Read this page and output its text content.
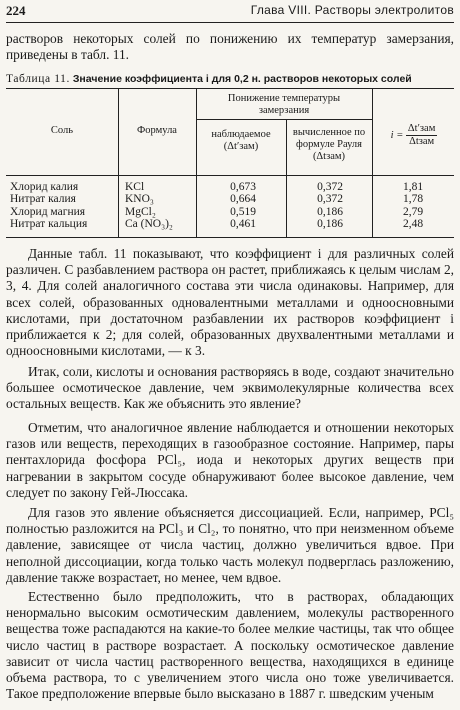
224	Глава VIII. Растворы электролитов

растворов некоторых солей по понижению их температур замерзания, приведены в табл. 11.

Таблица 11. Значение коэффициента i для 0,2 н. растворов некоторых солей
Соль	Формула
Понижение температуры замерзания
наблюдаемое
(Δt′зам)
вычисленное по формуле Рауля
(Δtзам)
$i = \frac{\text{Δt′зам}}{\text{Δtзам}}$
Хлорид калия
Нитрат калия
Хлорид магния
Нитрат кальция
KCl
KNO₃
MgCl₂
Ca (NO₃)₂
0,673
0,664
0,519
0,461
0,372
0,372
0,186
0,186
1,81
1,78
2,79
2,48

Данные табл. 11 показывают, что коэффициент i для различных солей различен. С разбавлением раствора он растет, приближаясь к целым числам 2, 3, 4. Для солей аналогичного состава эти числа одинаковы. Например, для всех солей, образованных одновалентными металлами и одноосновными кислотами, при достаточном разбавлении их растворов коэффициент i приближается к 2; для солей, образованных двухвалентными металлами и одноосновными кислотами, — к 3.

Итак, соли, кислоты и основания растворяясь в воде, создают значительно большее осмотическое давление, чем эквимолекулярные количества всех остальных веществ. Как же объяснить это явление?

Отметим, что аналогичное явление наблюдается и отношении некоторых газов или веществ, переходящих в газообразное состояние. Например, пары пентахлорида фосфора PCl₅, иода и некоторых других веществ при нагревании в закрытом сосуде обнаруживают более высокое давление, чем следует по закону Гей-Люссака.

Для газов это явление объясняется диссоциацией. Если, например, PCl₅ полностью разложится на PCl₃ и Cl₂, то понятно, что при неизменном объеме давление, зависящее от числа частиц, должно увеличиться вдвое. При неполной диссоциации, когда только часть молекул подверглась разложению, давление также возрастает, но менее, чем вдвое.

Естественно было предположить, что в растворах, обладающих ненормально высоким осмотическим давлением, молекулы растворенного вещества тоже распадаются на какие-то более мелкие частицы, так что общее число частиц в растворе возрастает. А поскольку осмотическое давление зависит от числа частиц растворенного вещества, находящихся в единице объема раствора, то с увеличением этого числа оно тоже увеличивается. Такое предположение впервые было высказано в 1887 г. шведским ученым
